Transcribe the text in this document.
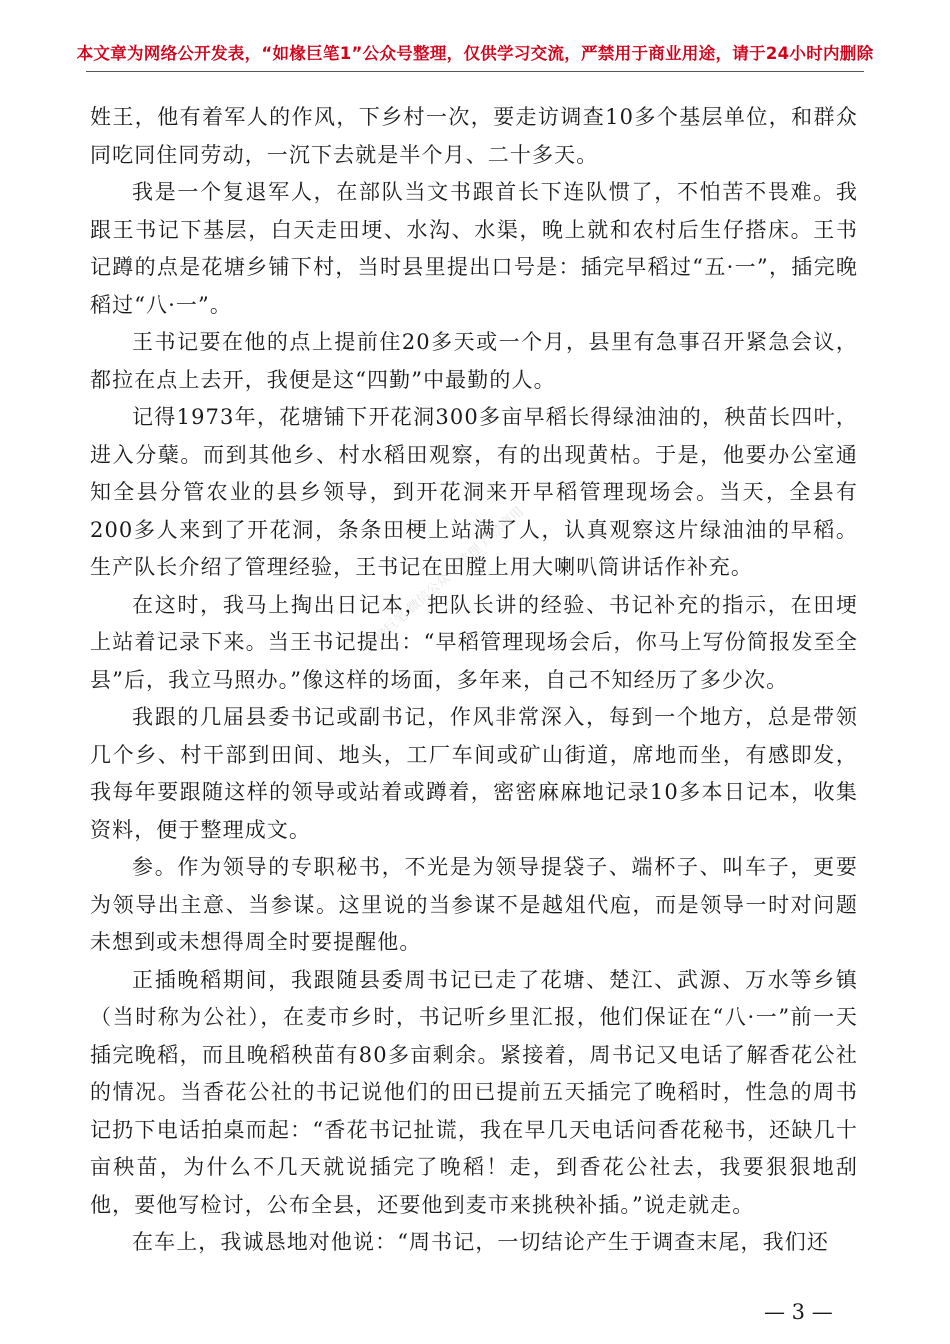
本文章为网络公开发表，“如椽巨笔1”公众号整理，仅供学习交流，严禁用于商业用途，请于24小时内删除

姓王，他有着军人的作风，下乡村一次，要走访调查10多个基层单位，和群众同吃同住同劳动，一沉下去就是半个月、二十多天。

我是一个复退军人，在部队当文书跟首长下连队惯了，不怕苦不畏难。我跟王书记下基层，白天走田埂、水沟、水渠，晚上就和农村后生仔搭床。王书记蹲的点是花塘乡铺下村，当时县里提出口号是：插完早稻过“五·一”，插完晚稻过“八·一”。

王书记要在他的点上提前住20多天或一个月，县里有急事召开紧急会议，都拉在点上去开，我便是这“四勤”中最勤的人。

记得1973年，花塘铺下开花洞300多亩早稻长得绿油油的，秧苗长四叶，进入分蘖。而到其他乡、村水稻田观察，有的出现黄枯。于是，他要办公室通知全县分管农业的县乡领导，到开花洞来开早稻管理现场会。当天，全县有200多人来到了开花洞，条条田梗上站满了人，认真观察这片绿油油的早稻。生产队长介绍了管理经验，王书记在田膛上用大喇叭筒讲话作补充。

在这时，我马上掏出日记本，把队长讲的经验、书记补充的指示，在田埂上站着记录下来。当王书记提出：“早稻管理现场会后，你马上写份简报发至全县”后，我立马照办。”像这样的场面，多年来，自己不知经历了多少次。

我跟的几届县委书记或副书记，作风非常深入，每到一个地方，总是带领几个乡、村干部到田间、地头，工厂车间或矿山街道，席地而坐，有感即发，我每年要跟随这样的领导或站着或蹲着，密密麻麻地记录10多本日记本，收集资料，便于整理成文。

参。作为领导的专职秘书，不光是为领导提袋子、端杯子、叫车子，更要为领导出主意、当参谋。这里说的当参谋不是越俎代庖，而是领导一时对问题未想到或未想得周全时要提醒他。

正插晚稻期间，我跟随县委周书记已走了花塘、楚江、武源、万水等乡镇（当时称为公社），在麦市乡时，书记听乡里汇报，他们保证在“八·一”前一天插完晚稻，而且晚稻秧苗有80多亩剩余。紧接着，周书记又电话了解香花公社的情况。当香花公社的书记说他们的田已提前五天插完了晚稻时，性急的周书记扔下电话拍桌而起：“香花书记扯谎，我在早几天电话问香花秘书，还缺几十亩秧苗，为什么不几天就说插完了晚稻！走，到香花公社去，我要狠狠地刮他，要他写检讨，公布全县，还要他到麦市来挑秧补插。”说走就走。

在车上，我诚恳地对他说：“周书记，一切结论产生于调查末尾，我们还

如椽巨笔 微信公众号 整理 严禁商用
— 3 —
